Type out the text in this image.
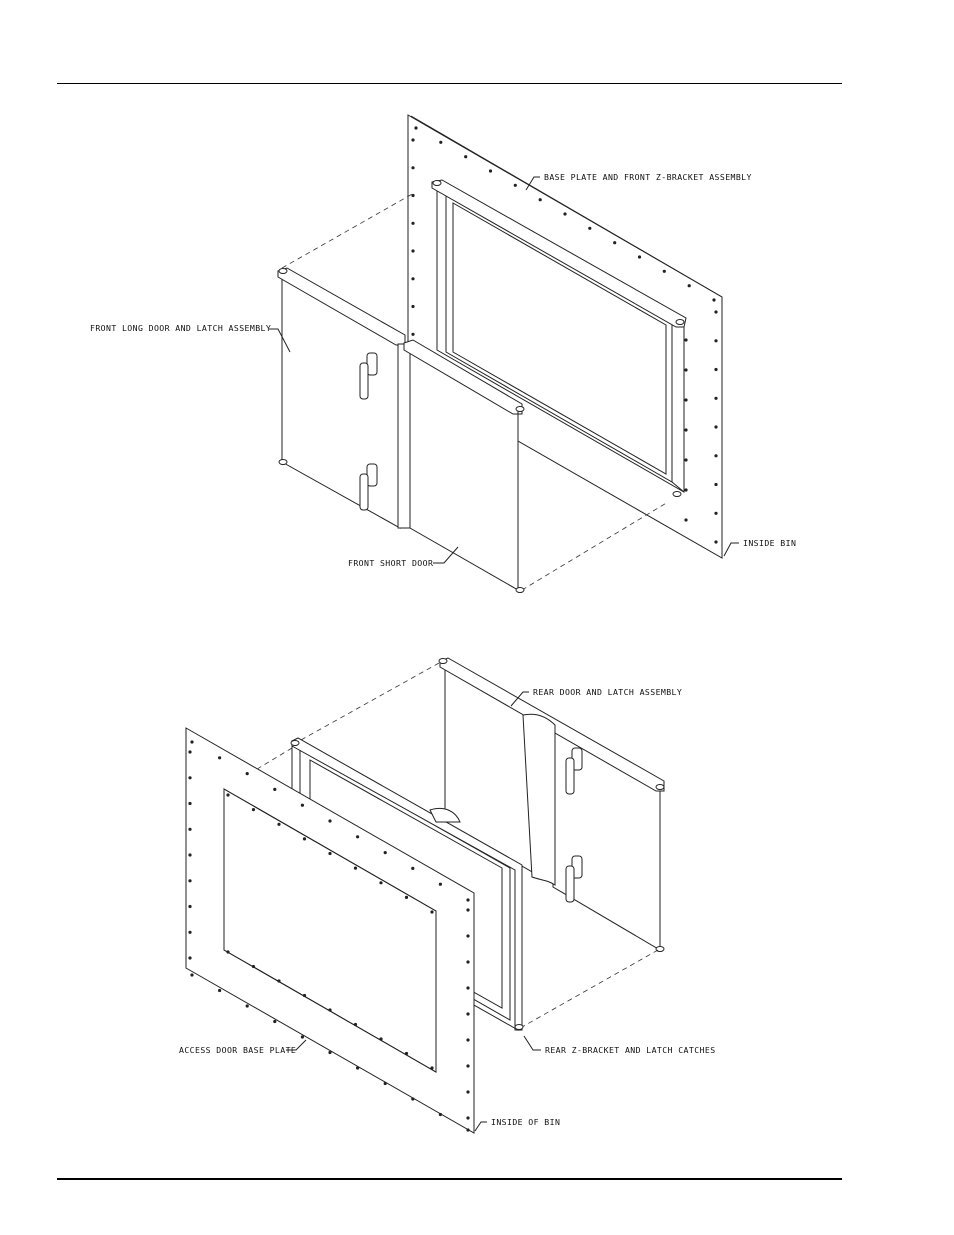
BASE PLATE AND FRONT Z-BRACKET ASSEMBLY
FRONT LONG DOOR AND LATCH ASSEMBLY
FRONT SHORT DOOR
INSIDE BIN
REAR DOOR AND LATCH ASSEMBLY
ACCESS DOOR BASE PLATE	REAR Z-BRACKET AND LATCH CATCHES
INSIDE OF BIN
